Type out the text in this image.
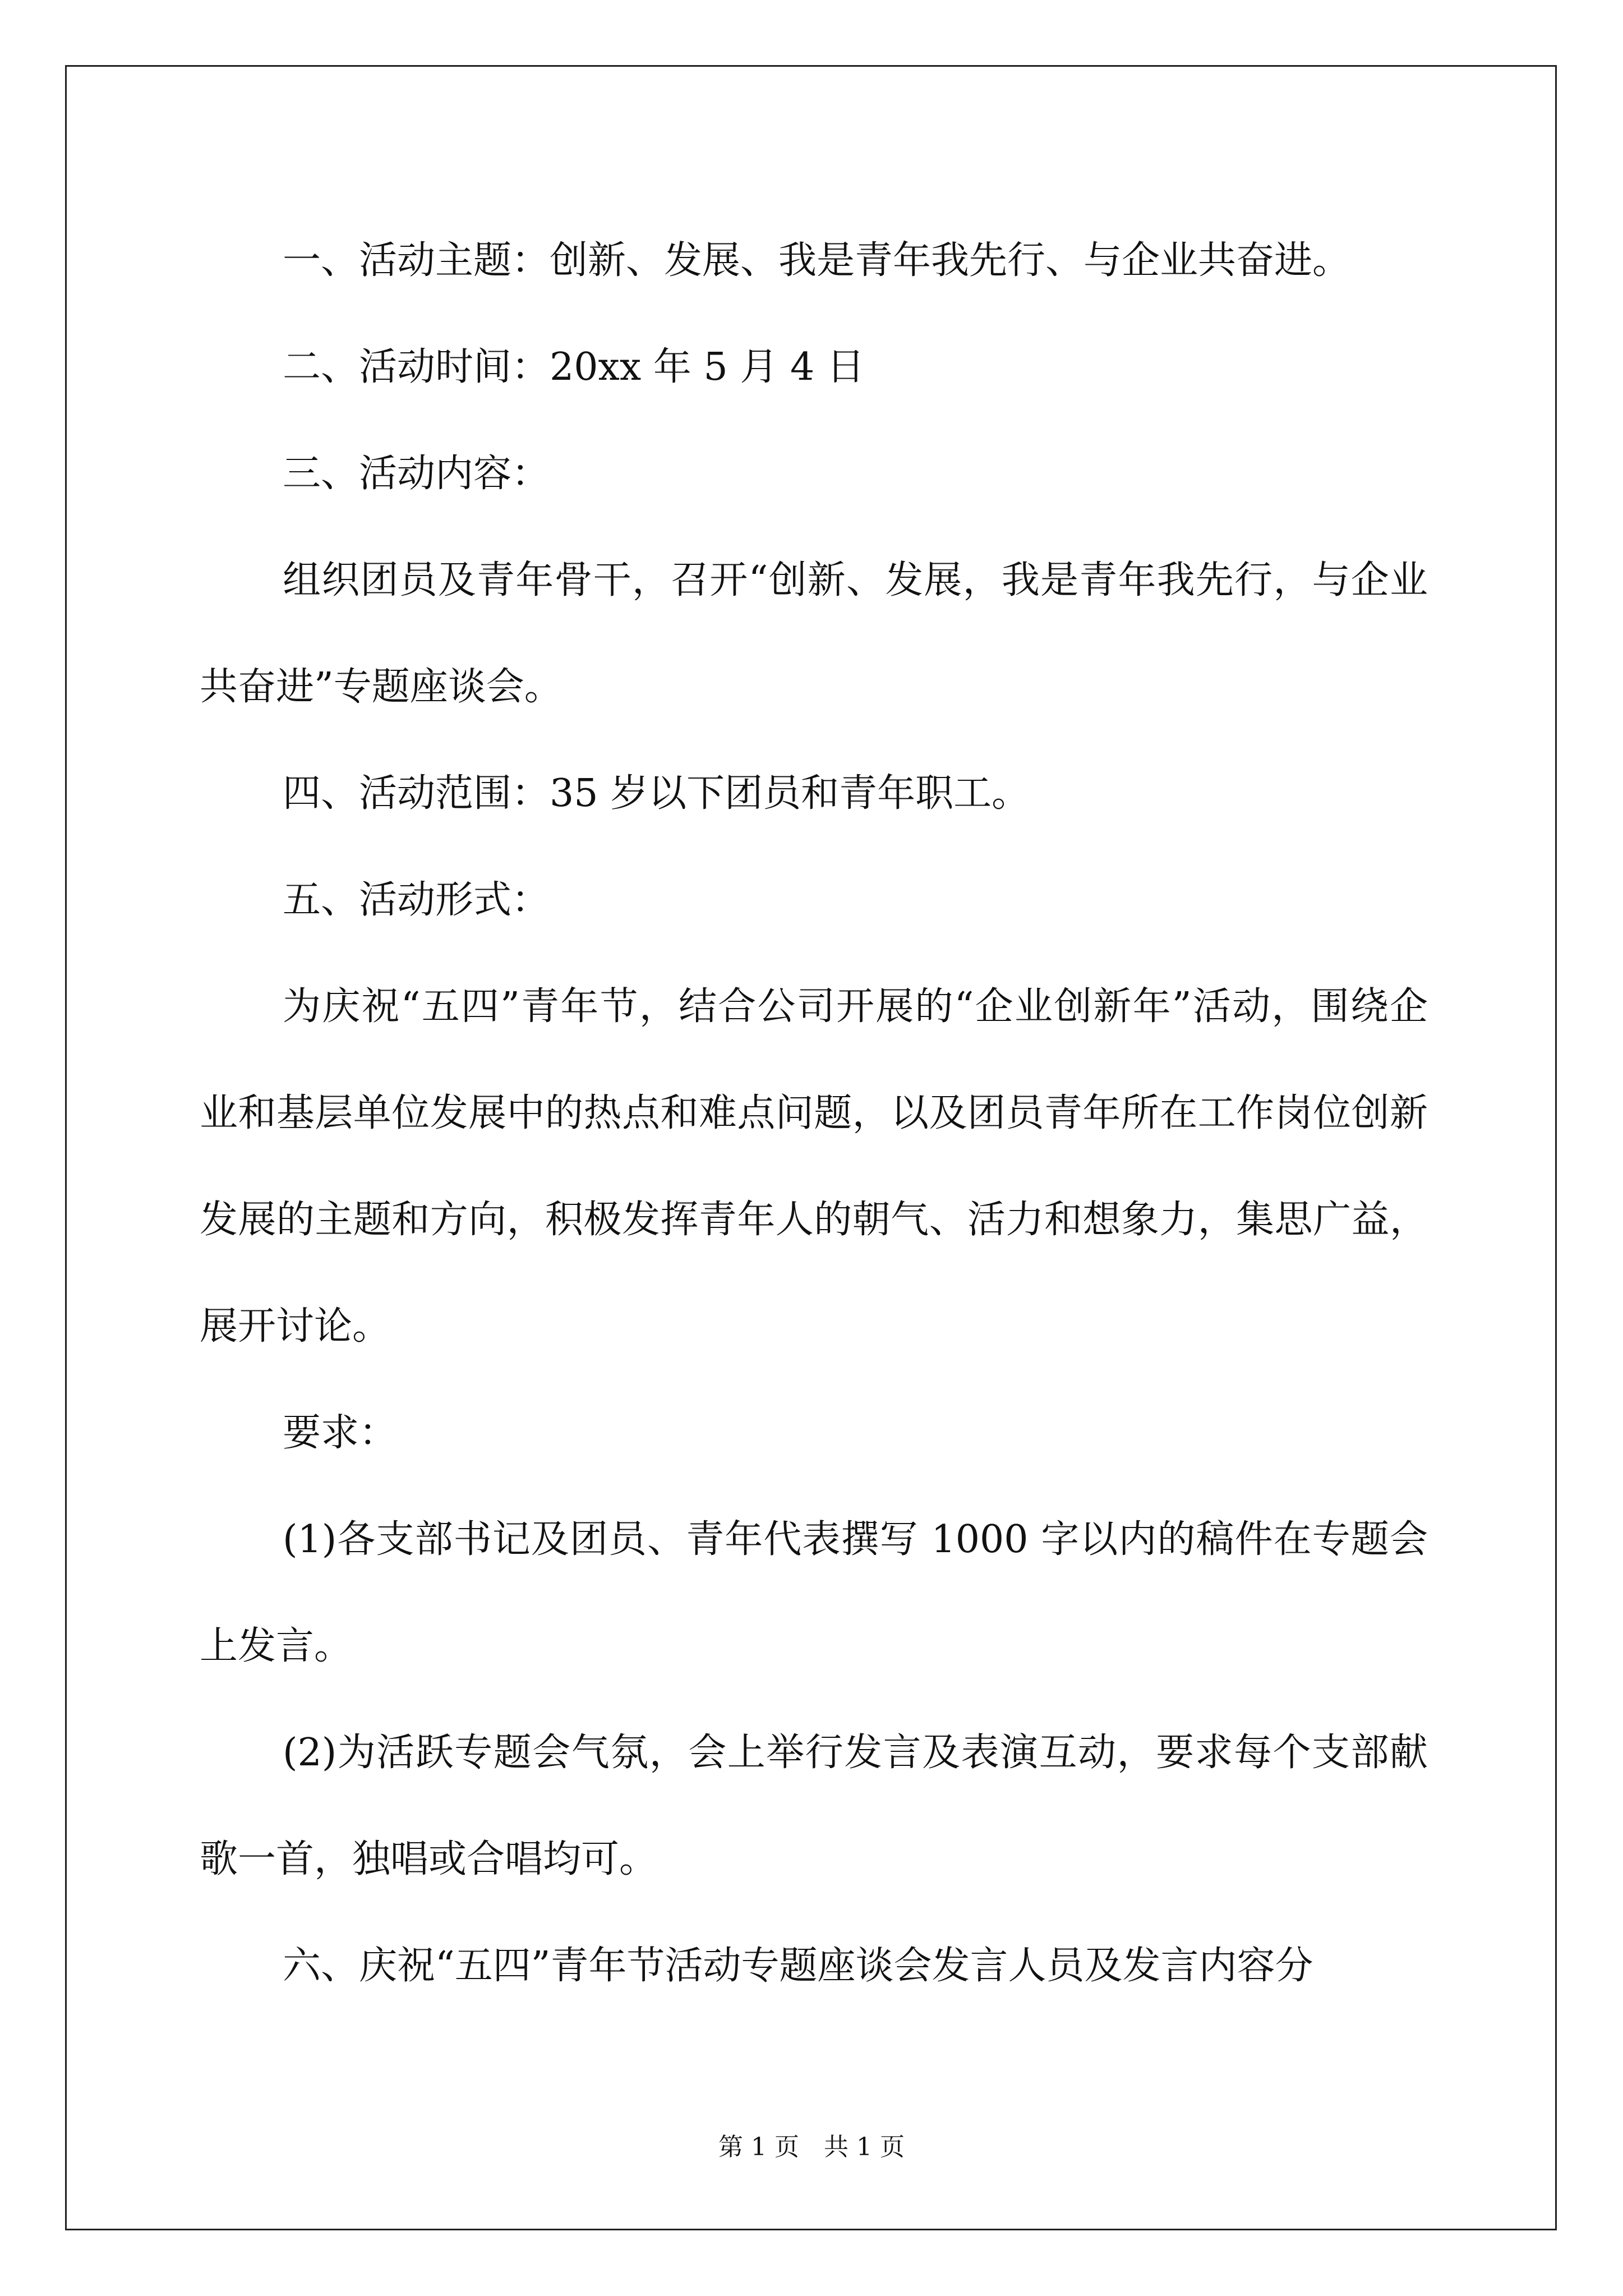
一、活动主题：创新、发展、我是青年我先行、与企业共奋进。

二、活动时间：20xx 年 5 月 4 日

三、活动内容：

组织团员及青年骨干，召开“创新、发展，我是青年我先行，与企业共奋进”专题座谈会。

四、活动范围：35 岁以下团员和青年职工。

五、活动形式：

为庆祝“五四”青年节，结合公司开展的“企业创新年”活动，围绕企业和基层单位发展中的热点和难点问题，以及团员青年所在工作岗位创新发展的主题和方向，积极发挥青年人的朝气、活力和想象力，集思广益，展开讨论。

要求：

(1)各支部书记及团员、青年代表撰写 1000 字以内的稿件在专题会上发言。

(2)为活跃专题会气氛，会上举行发言及表演互动，要求每个支部献歌一首，独唱或合唱均可。

六、庆祝“五四”青年节活动专题座谈会发言人员及发言内容分

第 1 页　共 1 页
